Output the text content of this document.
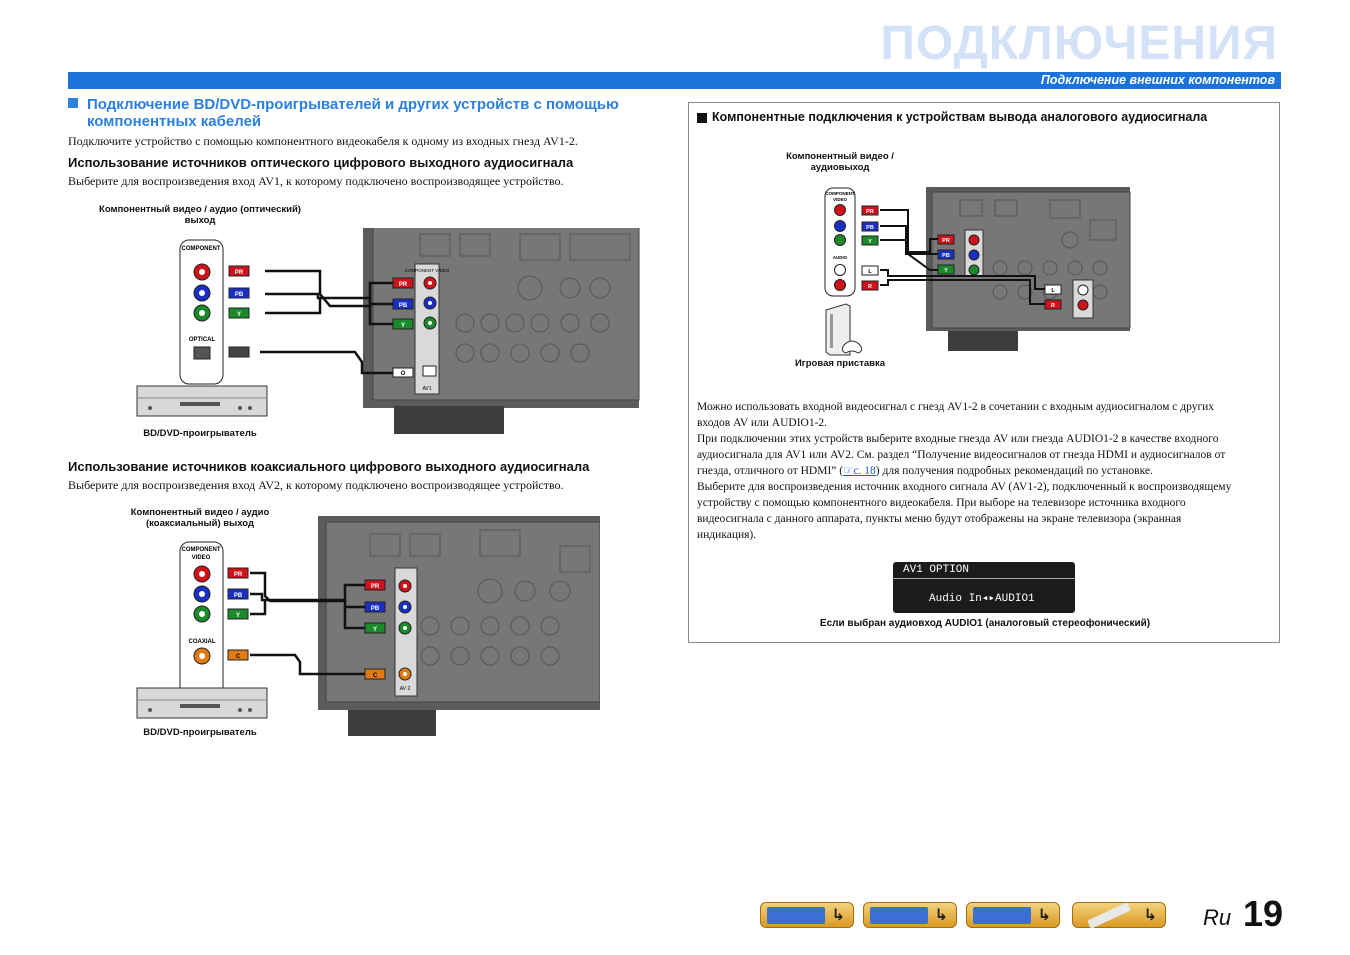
ПОДКЛЮЧЕНИЯ
Подключение внешних компонентов
Подключение BD/DVD-проигрывателей и других устройств с помощью
компонентных кабелей
Подключите устройство с помощью компонентного видеокабеля к одному из входных гнезд AV1-2.
Использование источников оптического цифрового выходного аудиосигнала
Выберите для воспроизведения вход AV1, к которому подключено воспроизводящее устройство.
Компонентный видео / аудио (оптический)
выход
COMPONENT VIDEO
AV1
PR
PB
Y
O
COMPONENT
OPTICAL
PR
PB
Y
BD/DVD-проигрыватель
Использование источников коаксиального цифрового выходного аудиосигнала
Выберите для воспроизведения вход AV2, к которому подключено воспроизводящее устройство.
Компонентный видео / аудио
(коаксиальный) выход
AV 2
PR
PB
Y
C
COMPONENT
VIDEO
COAXIAL
PR
PB
Y
C
BD/DVD-проигрыватель
Компонентные подключения к устройствам вывода аналогового аудиосигнала
Компонентный видео /
аудиовыход
PR
PB
Y
L
R
COMPONENT
VIDEO
AUDIO
PR
PB
Y
L
R
Игровая приставка
Можно использовать входной видеосигнал с гнезд AV1-2 в сочетании с входным аудиосигналом с других
входов AV или AUDIO1-2.
При подключении этих устройств выберите входные гнезда AV или гнезда AUDIO1-2 в качестве входного
аудиосигнала для AV1 или AV2. См. раздел “Получение видеосигналов от гнезда HDMI и аудиосигналов от
гнезда, отличного от HDMI” (☞с. 18) для получения подробных рекомендаций по установке.
Выберите для воспроизведения источник входного сигнала AV (AV1-2), подключенный к воспроизводящему
устройству с помощью компонентного видеокабеля. При выборе на телевизоре источника входного
видеосигнала с данного аппарата, пункты меню будут отображены на экране телевизора (экранная
индикация).
AV1 OPTION
Audio In◂▸AUDIO1
Если выбран аудиовход AUDIO1 (аналоговый стереофонический)
↳	↳	↳	↳ Ru 19
